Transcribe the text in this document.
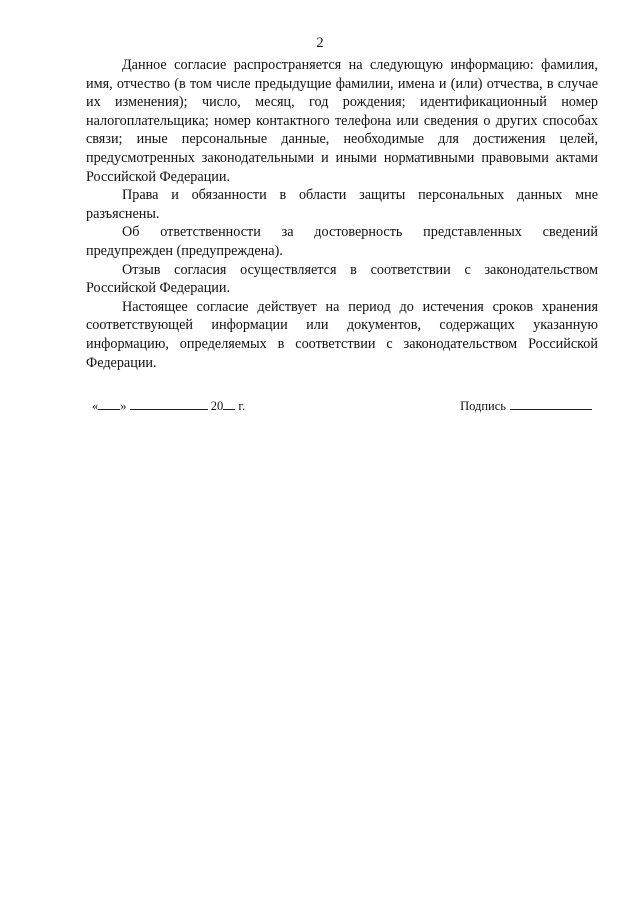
2

Данное согласие распространяется на следующую информацию: фамилия, имя, отчество (в том числе предыдущие фамилии, имена и (или) отчества, в случае их изменения); число, месяц, год рождения; идентификационный номер налогоплательщика; номер контактного телефона или сведения о других способах связи; иные персональные данные, необходимые для достижения целей, предусмотренных законодательными и иными нормативными правовыми актами Российской Федерации.

Права и обязанности в области защиты персональных данных мне разъяснены.

Об ответственности за достоверность представленных сведений предупрежден (предупреждена).

Отзыв согласия осуществляется в соответствии с законодательством Российской Федерации.

Настоящее согласие действует на период до истечения сроков хранения соответствующей информации или документов, содержащих указанную информацию, определяемых в соответствии с законодательством Российской Федерации.

« »	20 г.	Подпись
